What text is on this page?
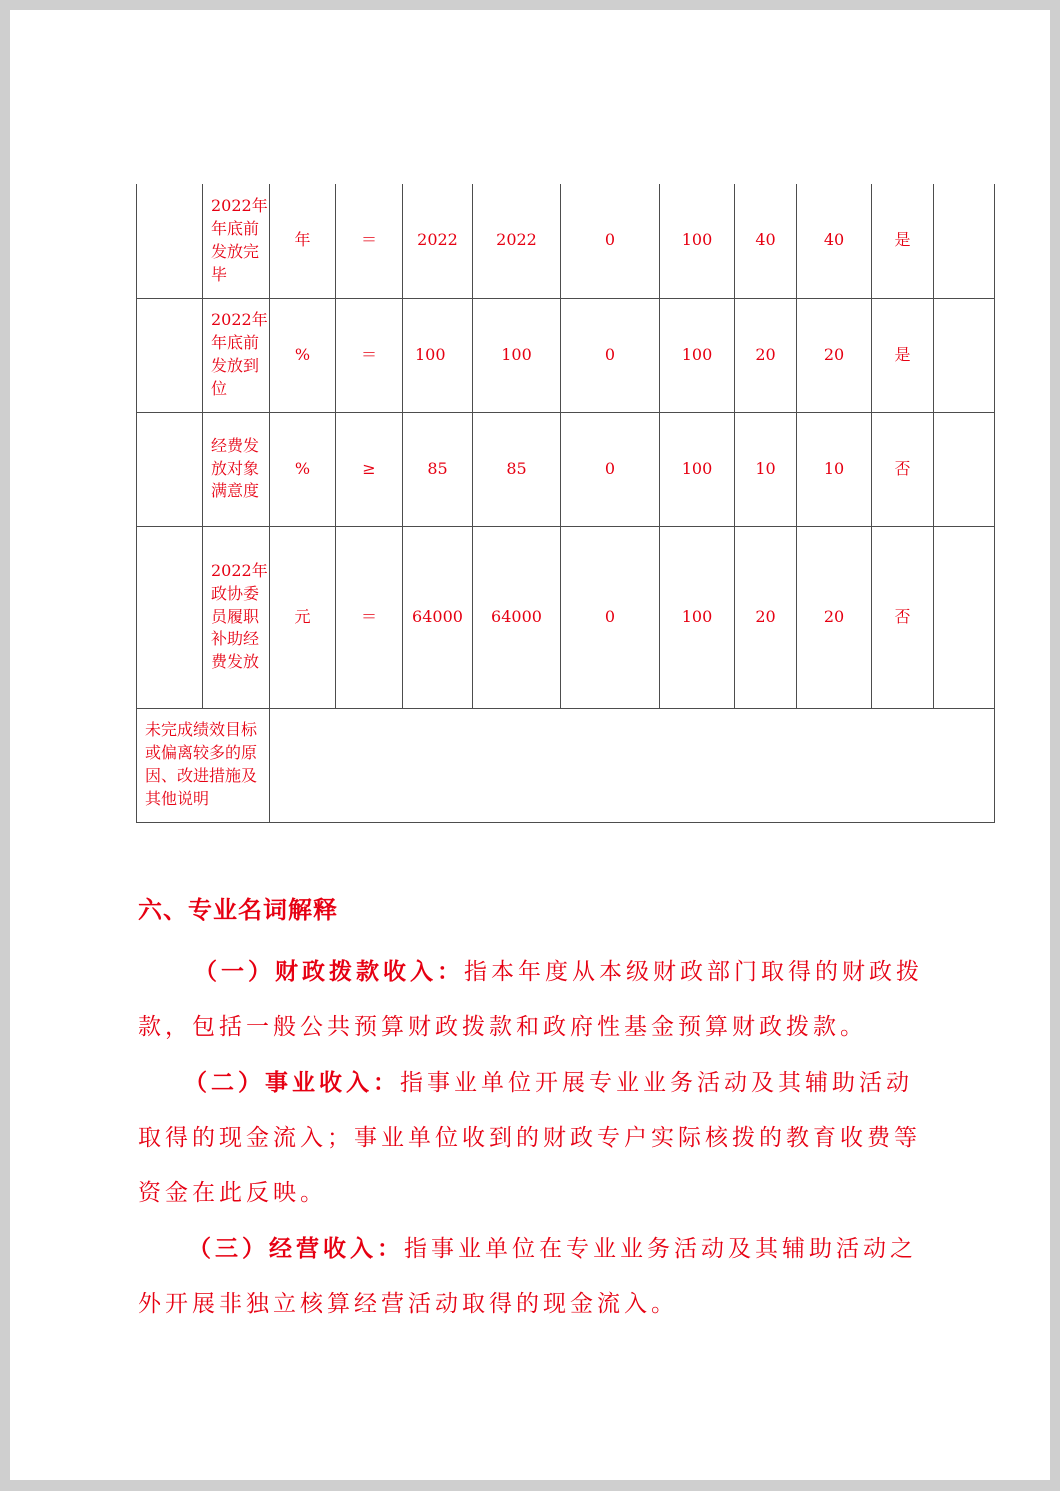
	2022年年底前发放完毕	年	＝	2022	2022	0	100	40	40	是	
	2022年年底前发放到位	%	＝	100	100	0	100	20	20	是	
	经费发放对象满意度	%	≥	85	85	0	100	10	10	否	
	2022年政协委员履职补助经费发放	元	＝	64000	64000	0	100	20	20	否	
未完成绩效目标或偏离较多的原因、改进措施及其他说明											
六、专业名词解释

（一）财政拨款收入：指本年度从本级财政部门取得的财政拨款，包括一般公共预算财政拨款和政府性基金预算财政拨款。

（二）事业收入：指事业单位开展专业业务活动及其辅助活动取得的现金流入；事业单位收到的财政专户实际核拨的教育收费等资金在此反映。

（三）经营收入：指事业单位在专业业务活动及其辅助活动之外开展非独立核算经营活动取得的现金流入。
